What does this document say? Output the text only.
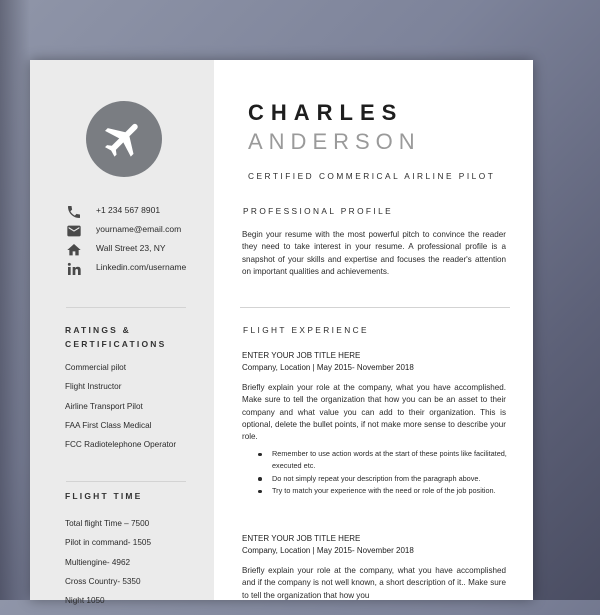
+1 234 567 8901
yourname@email.com
Wall Street 23, NY
Linkedin.com/username
RATINGS &
CERTIFICATIONS
Commercial pilot
Flight Instructor
Airline Transport Pilot
FAA First Class Medical
FCC Radiotelephone Operator
FLIGHT TIME
Total flight Time – 7500
Pilot in command- 1505
Multiengine- 4962
Cross Country- 5350
Night 1050
CHARLES
ANDERSON
CERTIFIED COMMERICAL AIRLINE PILOT
PROFESSIONAL PROFILE
Begin your resume with the most powerful pitch to convince the reader they need to take interest in your resume. A professional profile is a snapshot of your skills and expertise and focuses the reader's attention on important qualities and achievements.
FLIGHT EXPERIENCE
ENTER YOUR JOB TITLE HERE
Company, Location | May 2015- November 2018
Briefly explain your role at the company, what you have accomplished. Make sure to tell the organization that how you can be an asset to their company and what value you can add to their organization. This is optional, delete the bullet points, if not make more sense to describe your role.
Remember to use action words at the start of these points like facilitated, executed etc.
Do not simply repeat your description from the paragraph above.
Try to match your experience with the need or role of the job position.
ENTER YOUR JOB TITLE HERE
Company, Location | May 2015- November 2018
Briefly explain your role at the company, what you have accomplished and if the company is not well known, a short description of it.. Make sure to tell the organization that how you
